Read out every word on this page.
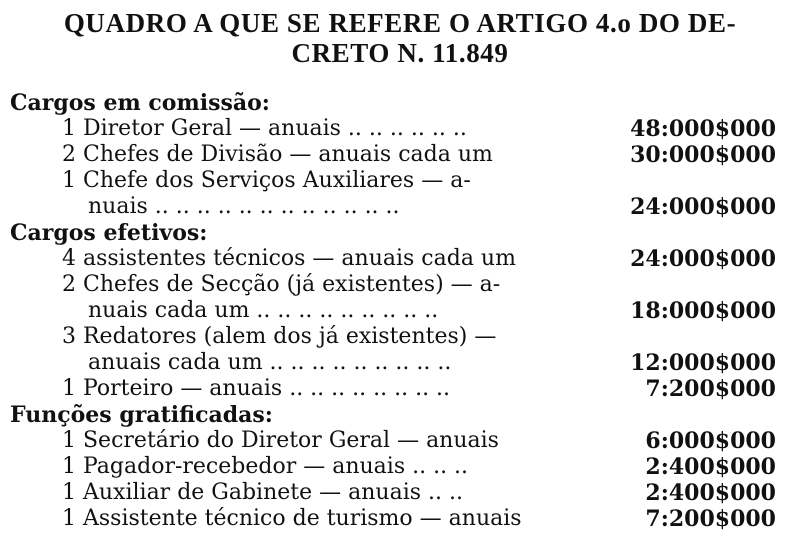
QUADRO A QUE SE REFERE O ARTIGO 4.o DO DE-
CRETO N. 11.849
Cargos em comissão:
1 Diretor Geral — anuais .. .. .. .. .. ..	48:000$000
2 Chefes de Divisão — anuais cada um	30:000$000
1 Chefe dos Serviços Auxiliares — a-
nuais .. .. .. .. .. .. .. .. .. .. .. ..	24:000$000
Cargos efetivos:
4 assistentes técnicos — anuais cada um	24:000$000
2 Chefes de Secção (já existentes) — a-
nuais cada um .. .. .. .. .. .. .. .. ..	18:000$000
3 Redatores (alem dos já existentes) —
anuais cada um .. .. .. .. .. .. .. .. ..	12:000$000
1 Porteiro — anuais .. .. .. .. .. .. .. ..	7:200$000
Funções gratificadas:
1 Secretário do Diretor Geral — anuais	6:000$000
1 Pagador-recebedor — anuais .. .. ..	2:400$000
1 Auxiliar de Gabinete — anuais .. ..	2:400$000
1 Assistente técnico de turismo — anuais	7:200$000
